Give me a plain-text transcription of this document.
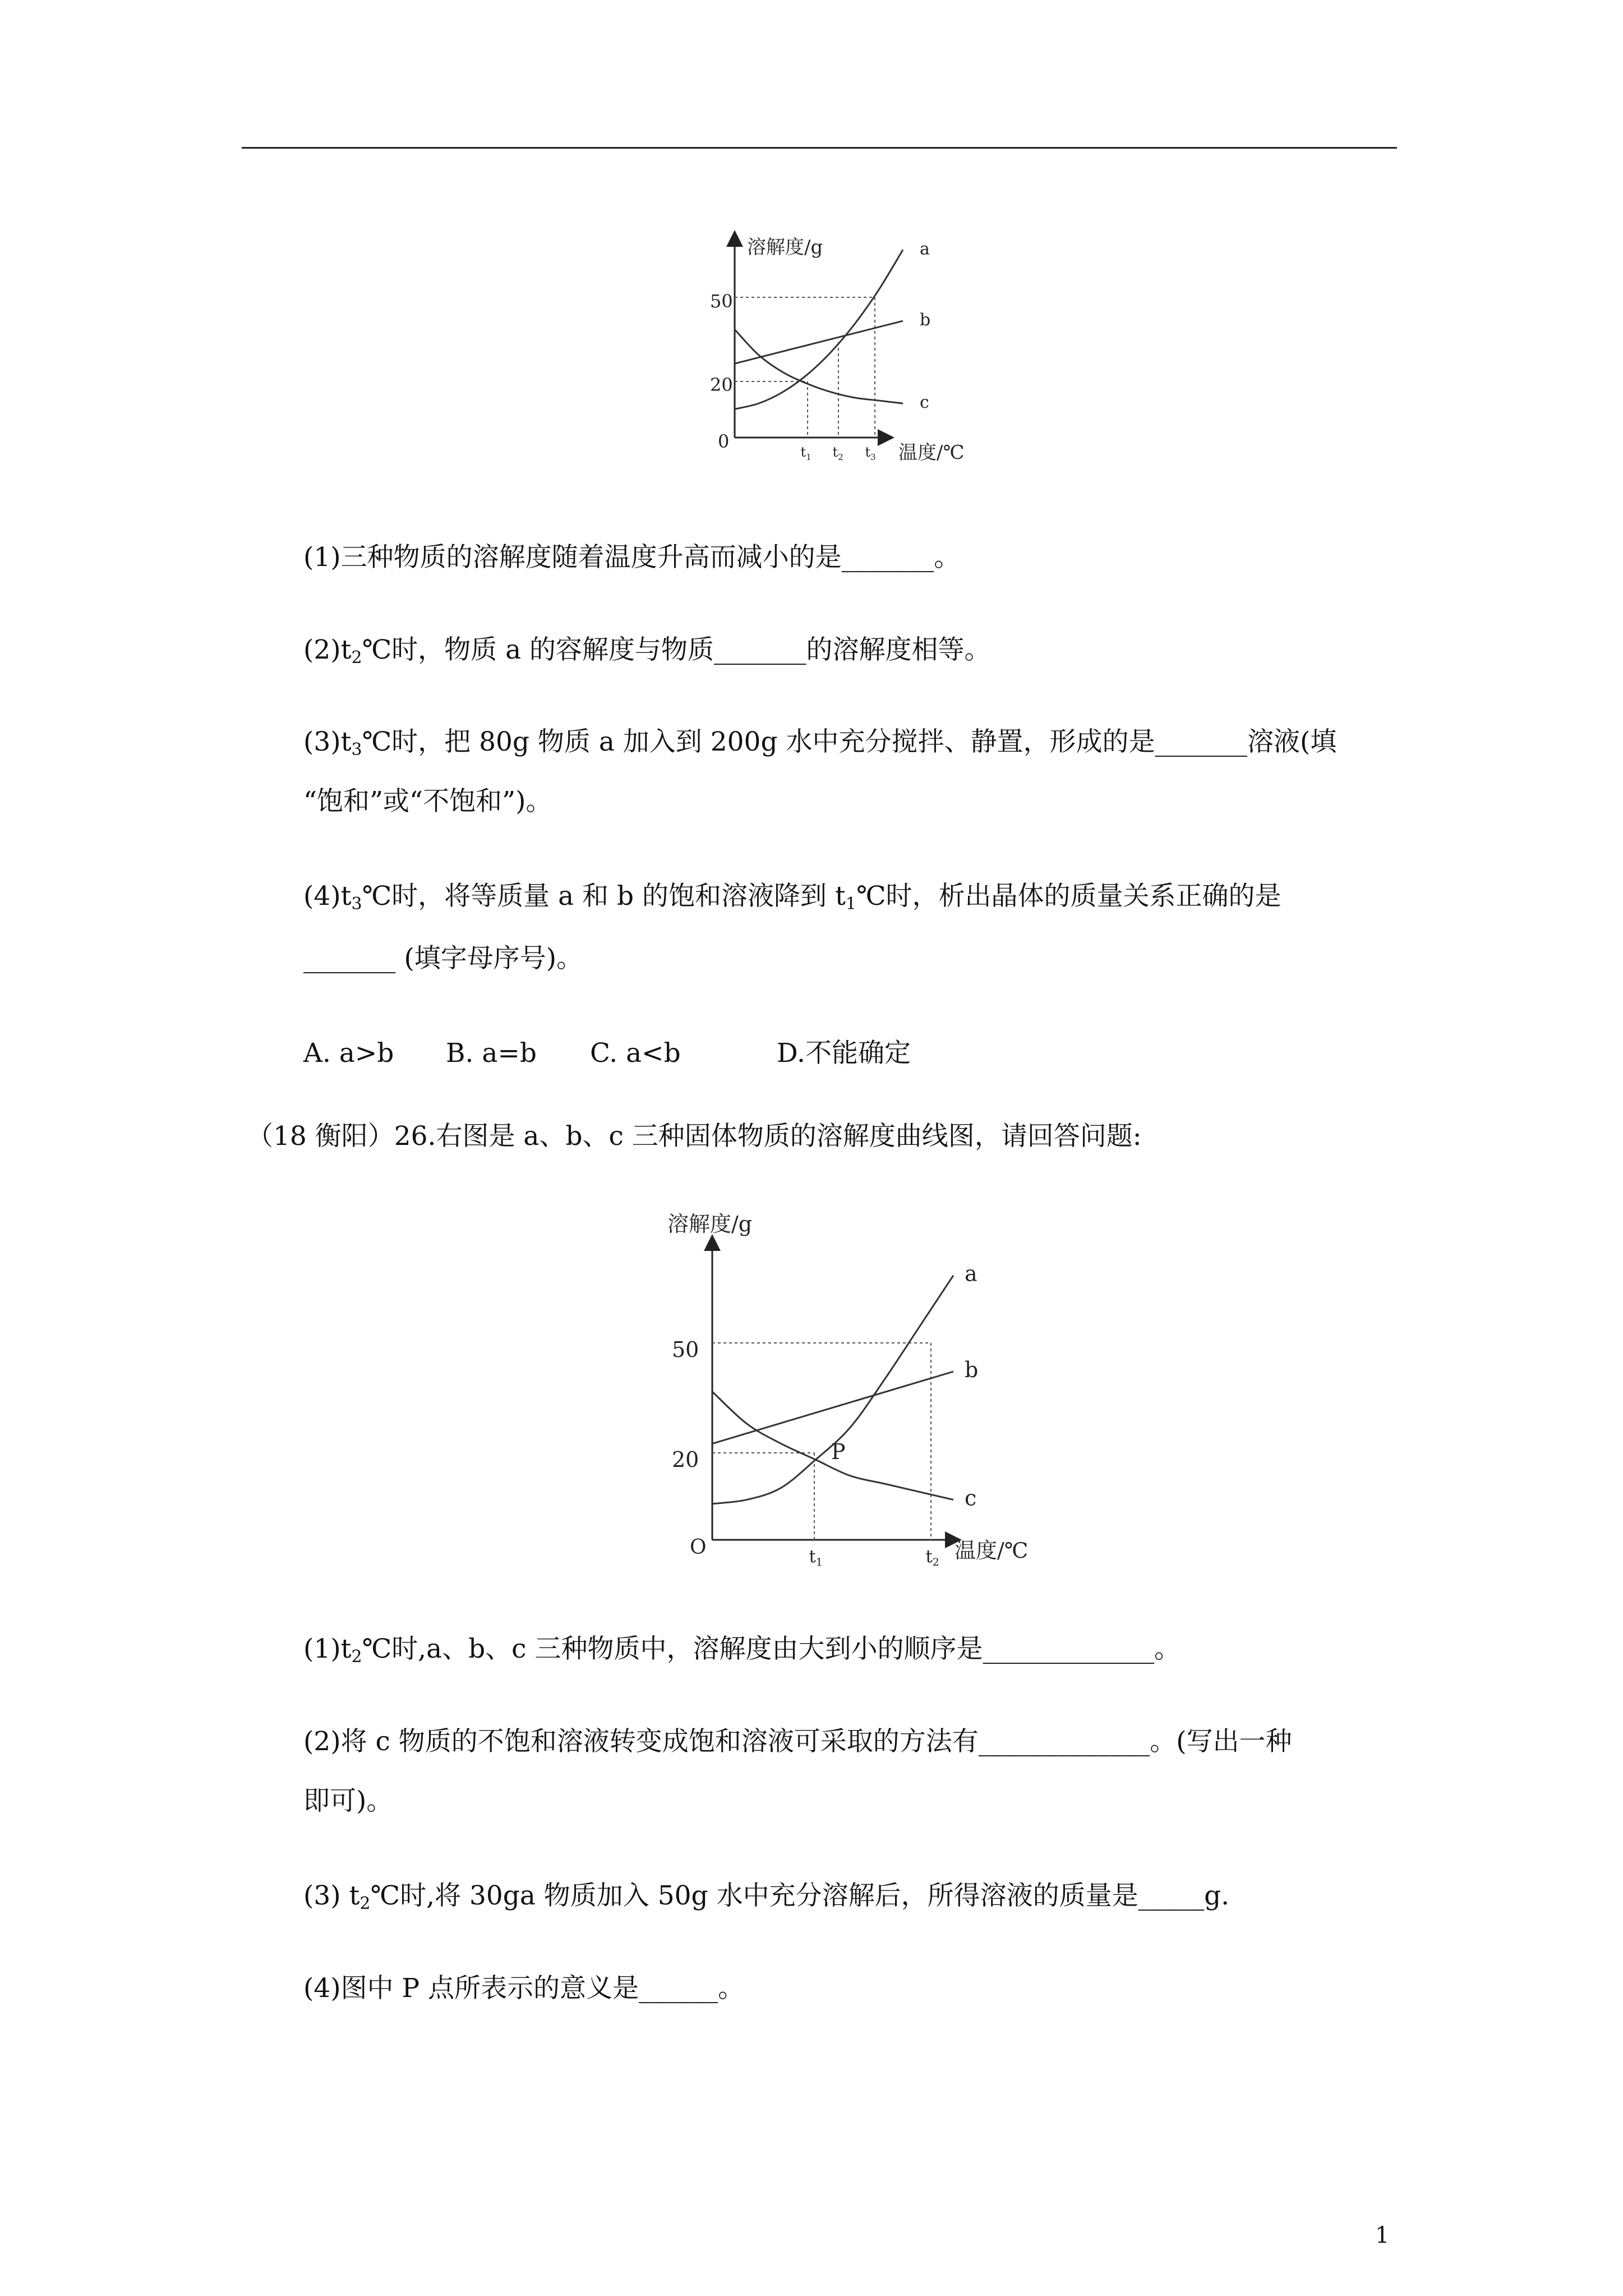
溶解度/g
温度/℃
0
50
20
$t_1$ $t_2$ $t_3$
a
b
c
(1)三种物质的溶解度随着温度升高而减小的是_______。
$(2)t_2℃$时，物质 a 的容解度与物质_______的溶解度相等。
$(3)t_3℃$时，把 80g 物质 a 加入到 200g 水中充分搅拌、静置，形成的是_______溶液(填
“饱和”或“不饱和”)。
$(4)t_3℃$时，将等质量 a 和 b 的饱和溶液降到 $t_1℃$时，析出晶体的质量关系正确的是
_______ (填字母序号)。
A. a>b B. a=b C. a<b	D.不能确定
（18 衡阳）26.右图是 a、b、c 三种固体物质的溶解度曲线图，请回答问题:
溶解度/g
温度/℃
O
50
20	P
t1	t2
a
b
c
$(1)t_2℃$时,a、b、c 三种物质中，溶解度由大到小的顺序是_____________。
(2)将 c 物质的不饱和溶液转变成饱和溶液可采取的方法有_____________。(写出一种
即可)。
(3) $t_2℃$时,将 30ga 物质加入 50g 水中充分溶解后，所得溶液的质量是_____g.
(4)图中 P 点所表示的意义是______。
1
